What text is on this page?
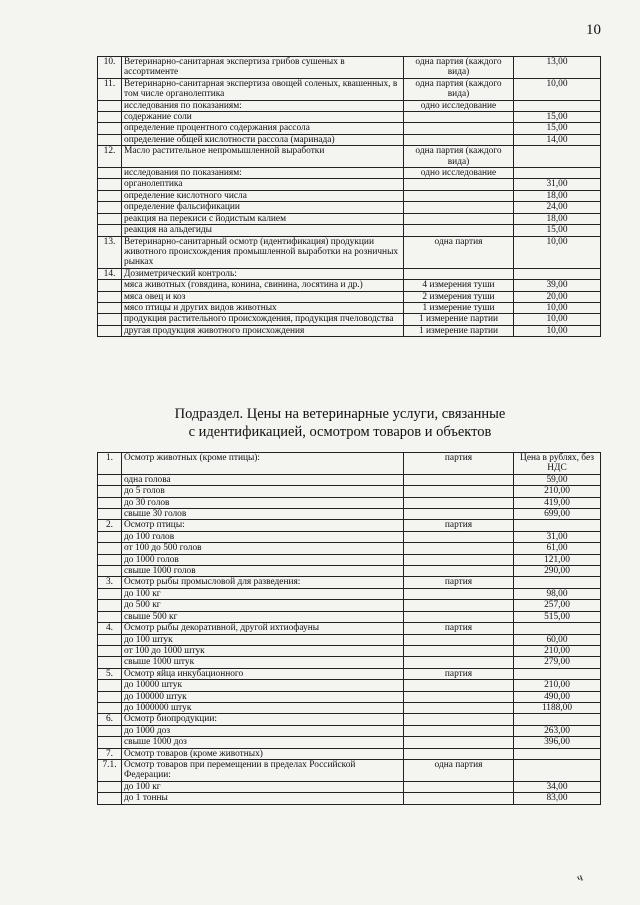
10
10.	Ветеринарно-санитарная экспертиза грибов сушеных в ассортименте	одна партия (каждого вида)	13,00
11.	Ветеринарно-санитарная экспертиза овощей соленых, квашенных, в том числе органолептика	одна партия (каждого вида)	10,00
	исследования по показаниям:	одно исследование	
	содержание соли		15,00
	определение процентного содержания рассола		15,00
	определение общей кислотности рассола (маринада)		14,00
12.	Масло растительное непромышленной выработки	одна партия (каждого вида)	
	исследования по показаниям:	одно исследование	
	органолептика		31,00
	определение кислотного числа		18,00
	определение фальсификации		24,00
	реакция на перекиси с йодистым калием		18,00
	реакция на альдегиды		15,00
13.	Ветеринарно-санитарный осмотр (идентификация) продукции животного происхождения промышленной выработки на розничных рынках	одна партия	10,00
14.	Дозиметрический контроль:		
	мяса животных (говядина, конина, свинина, лосятина и др.)	4 измерения туши	39,00
	мяса овец и коз	2 измерения туши	20,00
	мясо птицы и других видов животных	1 измерение туши	10,00
	продукция растительного происхождения, продукция пчеловодства	1 измерение партии	10,00
	другая продукция животного происхождения	1 измерение партии	10,00
Подраздел. Цены на ветеринарные услуги, связанные
с идентификацией, осмотром товаров и объектов
1.	Осмотр животных (кроме птицы):	партия	Цена в рублях, без НДС
	одна голова		59,00
	до 5 голов		210,00
	до 30 голов		419,00
	свыше 30 голов		699,00
2.	Осмотр птицы:	партия	
	до 100 голов		31,00
	от 100 до 500 голов		61,00
	до 1000 голов		121,00
	свыше 1000 голов		290,00
3.	Осмотр рыбы промысловой для разведения:	партия	
	до 100 кг		98,00
	до 500 кг		257,00
	свыше 500 кг		515,00
4.	Осмотр рыбы декоративной, другой ихтиофауны	партия	
	до 100 штук		60,00
	от 100 до 1000 штук		210,00
	свыше 1000 штук		279,00
5.	Осмотр яйца инкубационного	партия	
	до 10000 штук		210,00
	до 100000 штук		490,00
	до 1000000 штук		1188,00
6.	Осмотр биопродукции:		
	до 1000 доз		263,00
	свыше 1000 доз		396,00
7.	Осмотр товаров (кроме животных)		
7.1.	Осмотр товаров при перемещении в пределах Российской Федерации:	одна партия	
	до 100 кг		34,00
	до 1 тонны		83,00
ч
